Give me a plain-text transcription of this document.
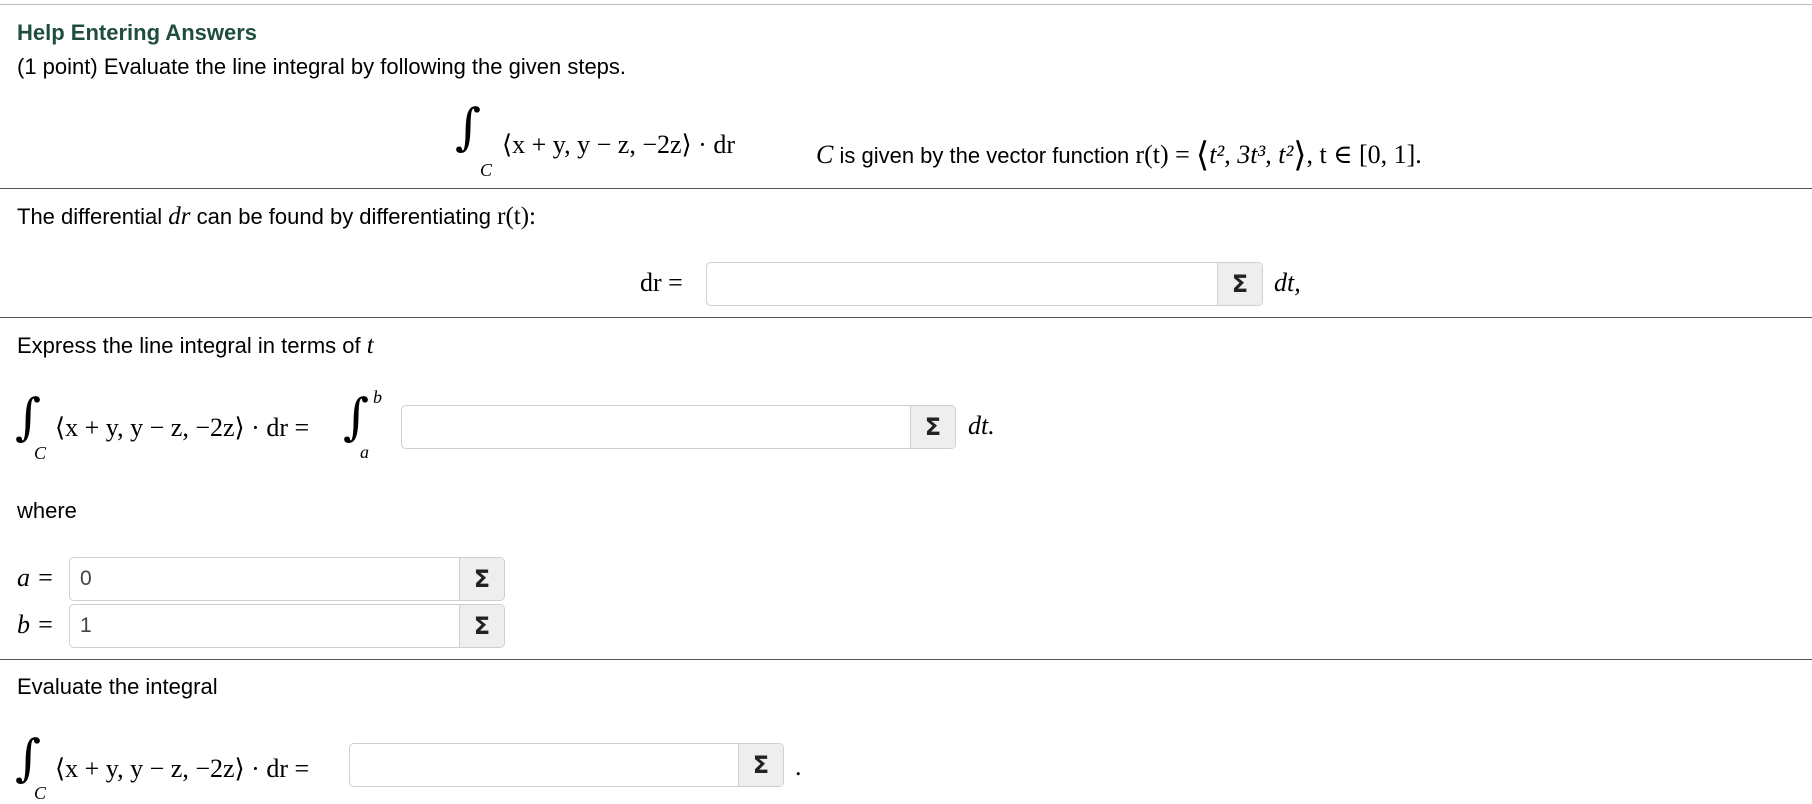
Help Entering Answers
(1 point) Evaluate the line integral by following the given steps.
∫
C
⟨x + y, y − z, −2z⟩ · dr	C is given by the vector function r(t) = ⟨t², 3t³, t²⟩, t ∈ [0, 1].
The differential dr can be found by differentiating r(t):
dr =	Σ dt,
Express the line integral in terms of t
∫
C
⟨x + y, y − z, −2z⟩ · dr = ∫ b
a
Σ	dt.
where
a =
0	Σ
b =
1	Σ
Evaluate the integral
∫
C
⟨x + y, y − z, −2z⟩ · dr =	Σ .
